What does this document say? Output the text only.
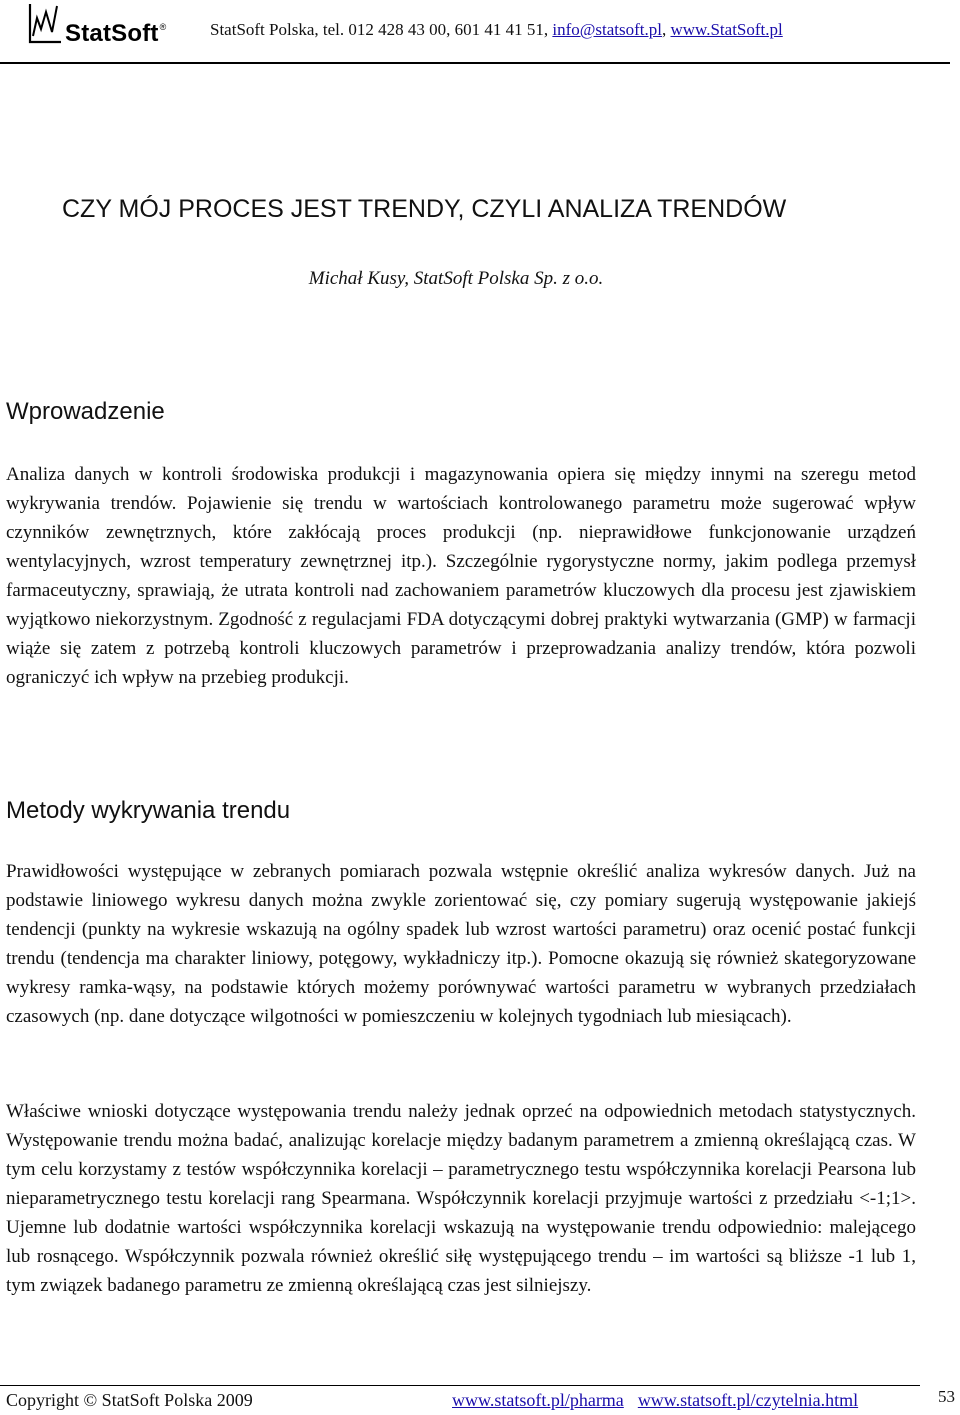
StatSoft®	StatSoft Polska, tel. 012 428 43 00, 601 41 41 51, info@statsoft.pl, www.StatSoft.pl
CZY MÓJ PROCES JEST TRENDY, CZYLI ANALIZA TRENDÓW
Michał Kusy, StatSoft Polska Sp. z o.o.
Wprowadzenie

Analiza danych w kontroli środowiska produkcji i magazynowania opiera się między innymi na szeregu metod wykrywania trendów. Pojawienie się trendu w wartościach kontrolowanego parametru może sugerować wpływ czynników zewnętrznych, które zakłócają proces produkcji (np. nieprawidłowe funkcjonowanie urządzeń wentylacyjnych, wzrost temperatury zewnętrznej itp.). Szczególnie rygorystyczne normy, jakim podlega przemysł farmaceutyczny, sprawiają, że utrata kontroli nad zachowaniem parametrów kluczowych dla procesu jest zjawiskiem wyjątkowo niekorzystnym. Zgodność z regulacjami FDA dotyczącymi dobrej praktyki wytwarzania (GMP) w farmacji wiąże się zatem z potrzebą kontroli kluczowych parametrów i przeprowadzania analizy trendów, która pozwoli ograniczyć ich wpływ na przebieg produkcji.

Metody wykrywania trendu

Prawidłowości występujące w zebranych pomiarach pozwala wstępnie określić analiza wykresów danych. Już na podstawie liniowego wykresu danych można zwykle zorientować się, czy pomiary sugerują występowanie jakiejś tendencji (punkty na wykresie wskazują na ogólny spadek lub wzrost wartości parametru) oraz ocenić postać funkcji trendu (tendencja ma charakter liniowy, potęgowy, wykładniczy itp.). Pomocne okazują się również skategoryzowane wykresy ramka-wąsy, na podstawie których możemy porównywać wartości parametru w wybranych przedziałach czasowych (np. dane dotyczące wilgotności w pomieszczeniu w kolejnych tygodniach lub miesiącach).

Właściwe wnioski dotyczące występowania trendu należy jednak oprzeć na odpowiednich metodach statystycznych. Występowanie trendu można badać, analizując korelacje między badanym parametrem a zmienną określającą czas. W tym celu korzystamy z testów współczynnika korelacji – parametrycznego testu współczynnika korelacji Pearsona lub nieparametrycznego testu korelacji rang Spearmana. Współczynnik korelacji przyjmuje wartości z przedziału <-1;1>. Ujemne lub dodatnie wartości współczynnika korelacji wskazują na występowanie trendu odpowiednio: malejącego lub rosnącego. Współczynnik pozwala również określić siłę występującego trendu – im wartości są bliższe -1 lub 1, tym związek badanego parametru ze zmienną określającą czas jest silniejszy.

Copyright © StatSoft Polska 2009	www.statsoft.pl/pharma www.statsoft.pl/czytelnia.html	53
